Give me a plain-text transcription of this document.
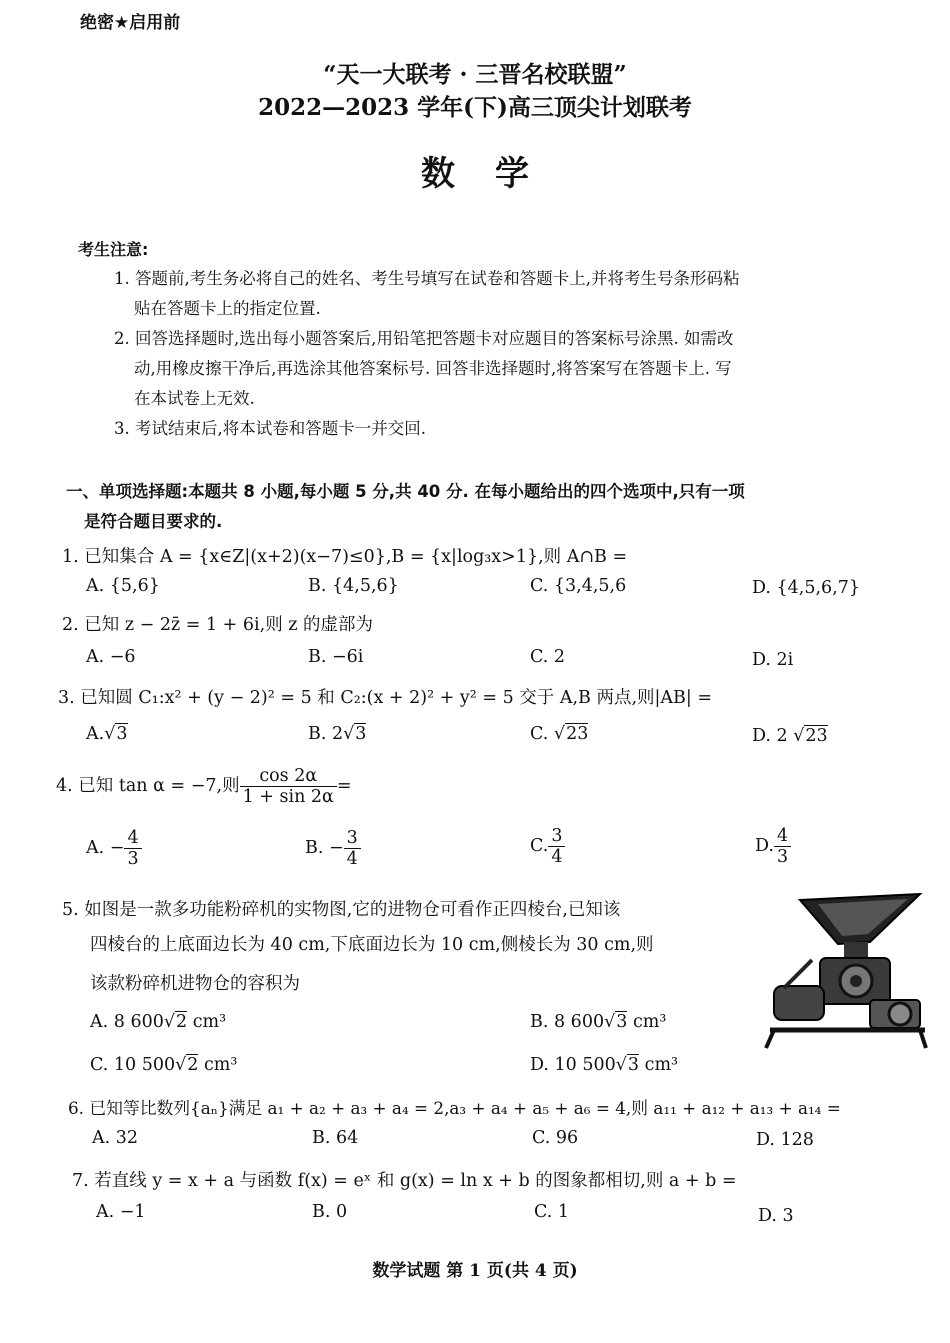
绝密★启用前
“天一大联考 · 三晋名校联盟”
2022—2023 学年(下)高三顶尖计划联考
数学
考生注意:
1. 答题前,考生务必将自己的姓名、考生号填写在试卷和答题卡上,并将考生号条形码粘
贴在答题卡上的指定位置.
2. 回答选择题时,选出每小题答案后,用铅笔把答题卡对应题目的答案标号涂黑. 如需改
动,用橡皮擦干净后,再选涂其他答案标号. 回答非选择题时,将答案写在答题卡上. 写
在本试卷上无效.
3. 考试结束后,将本试卷和答题卡一并交回.
一、单项选择题:本题共 8 小题,每小题 5 分,共 40 分. 在每小题给出的四个选项中,只有一项
是符合题目要求的.
1. 已知集合 A = {x∈Z|(x+2)(x−7)≤0},B = {x|log₃x>1},则 A∩B =
A. {5,6}	B. {4,5,6}	C. {3,4,5,6	D. {4,5,6,7}
2. 已知 z − 2z̄ = 1 + 6i,则 z 的虚部为
A. −6	B. −6i	C. 2	D. 2i
3. 已知圆 C₁:x² + (y − 2)² = 5 和 C₂:(x + 2)² + y² = 5 交于 A,B 两点,则|AB| =
A.√3	B. 2√3	C. √23	D. 2 √23
4. 已知 tan α = −7,则 $\frac{\cos 2\alpha}{1 + \sin 2\alpha}$ =
A. − $\frac{4}{3}$	B. − $\frac{3}{4}$	C. $\frac{3}{4}$	D. $\frac{4}{3}$
5. 如图是一款多功能粉碎机的实物图,它的进物仓可看作正四棱台,已知该
四棱台的上底面边长为 40 cm,下底面边长为 10 cm,侧棱长为 30 cm,则
该款粉碎机进物仓的容积为
A. 8 600√2 cm³	B. 8 600√3 cm³
C. 10 500√2 cm³	D. 10 500√3 cm³
6. 已知等比数列{aₙ}满足 a₁ + a₂ + a₃ + a₄ = 2,a₃ + a₄ + a₅ + a₆ = 4,则 a₁₁ + a₁₂ + a₁₃ + a₁₄ =
A. 32	B. 64	C. 96	D. 128
7. 若直线 y = x + a 与函数 f(x) = eˣ 和 g(x) = ln x + b 的图象都相切,则 a + b =
A. −1	B. 0	C. 1	D. 3
数学试题 第 1 页(共 4 页)
